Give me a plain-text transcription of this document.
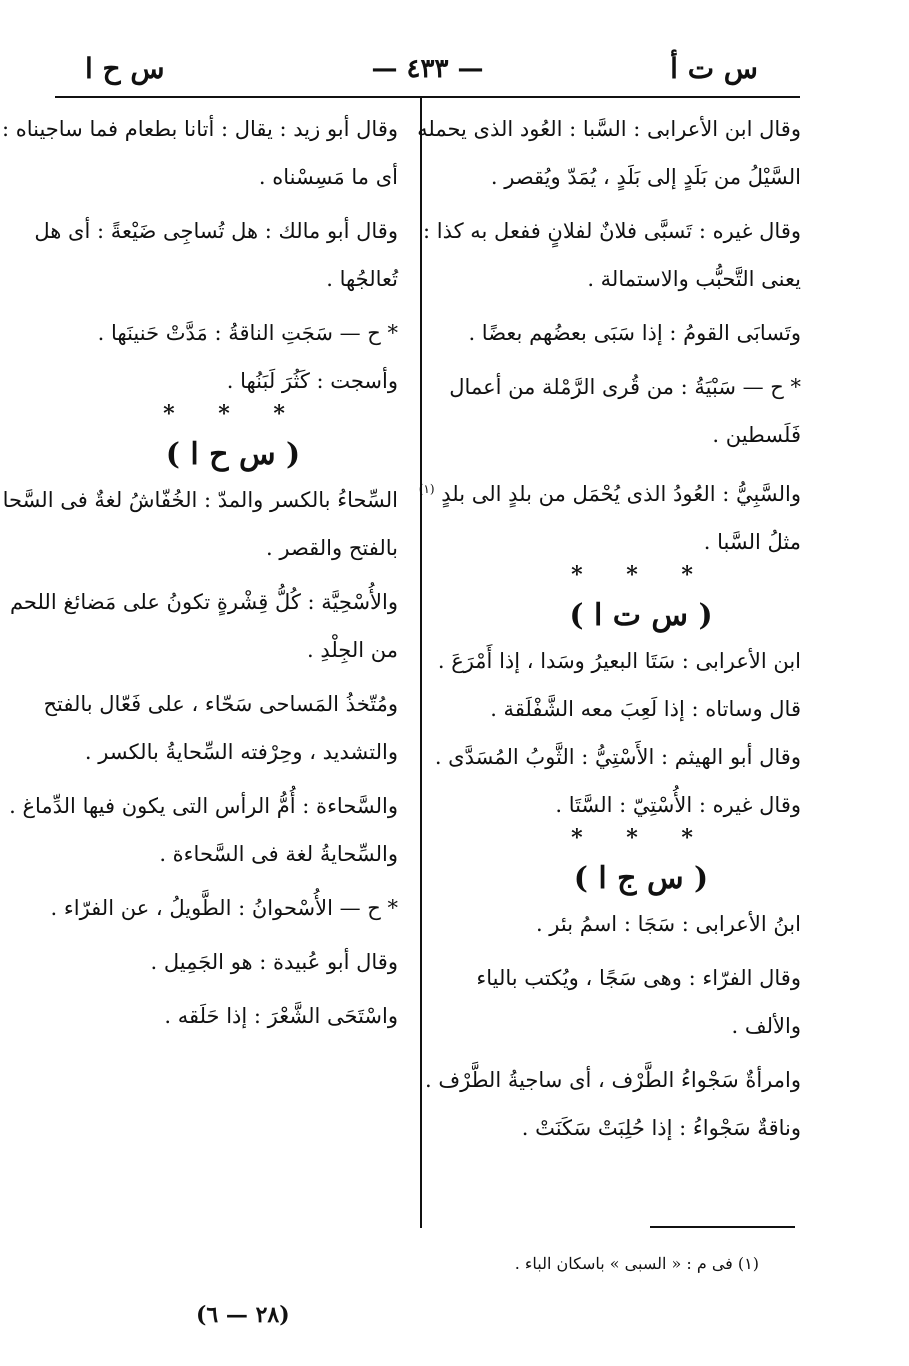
س ت أ
— ٤٣٣ —
س ح ا
وقال ابن الأعرابى : السَّبا : العُود الذى يحمله
السَّيْلُ من بَلَدٍ إلى بَلَدٍ ، يُمَدّ ويُقصر .
وقال غيره : تَسبَّى فلانٌ لفلانٍ ففعل به كذا :
يعنى التَّحبُّب والاستمالة .
وتَسابَى القومُ : إذا سَبَى بعضُهم بعضًا .
* ح — سَبْيَةُ : من قُرى الرَّمْلة من أعمال
فَلَسطين .
والسَّبِيُّ : العُودُ الذى يُحْمَل من بلدٍ الى بلدٍ $^{(١)}$
مثلُ السَّبا .
* * *
( س ت ا )
ابن الأعرابى : سَتَا البعيرُ وسَدا ، إذا أَمْرَعَ .
قال وساتاه : إذا لَعِبَ معه الشَّفْلَقة .
وقال أبو الهيثم : الأَسْتِيُّ : الثَّوبُ المُسَدَّى .
وقال غيره : الأُسْتِيّ : السَّتَا .
* * *
( س ج ا )
ابنُ الأعرابى : سَجَا : اسمُ بئر .
وقال الفرّاء : وهى سَجًا ، ويُكتب بالياء
والألف .
وامرأةٌ سَجْواءُ الطَّرْف ، أى ساجيةُ الطَّرْف .
وناقةٌ سَجْواءُ : إذا حُلِبَتْ سَكَنَتْ .
وقال أبو زيد : يقال : أتانا بطعام فما ساجيناه :
أى ما مَسِسْناه .
وقال أبو مالك : هل تُساجِى ضَيْعةً : أى هل
تُعالجُها .
* ح — سَجَتِ الناقةُ : مَدَّتْ حَنينَها .
وأسجت : كَثُرَ لَبَنُها .
* * *
( س ح ا )
السِّحاءُ بالكسر والمدّ : الخُفّاشُ لغةٌ فى السَّحا
بالفتح والقصر .
والأُسْحِيَّة : كُلُّ قِشْرةٍ تكونُ على مَضائغ اللحم
من الجِلْدِ .
ومُتّخذُ المَساحى سَحّاء ، على فَعّال بالفتح
والتشديد ، وحِرْفته السِّحايةُ بالكسر .
والسَّحاءة : أُمُّ الرأس التى يكون فيها الدِّماغ .
والسِّحايةُ لغة فى السَّحاءة .
* ح — الأُسْحوانُ : الطَّويلُ ، عن الفرّاء .
وقال أبو عُبيدة : هو الجَمِيل .
واسْتَحَى الشَّعْرَ : إذا حَلَقه .
(١) فى م : « السبى » باسكان الباء .
(٢٨ — ٦)
